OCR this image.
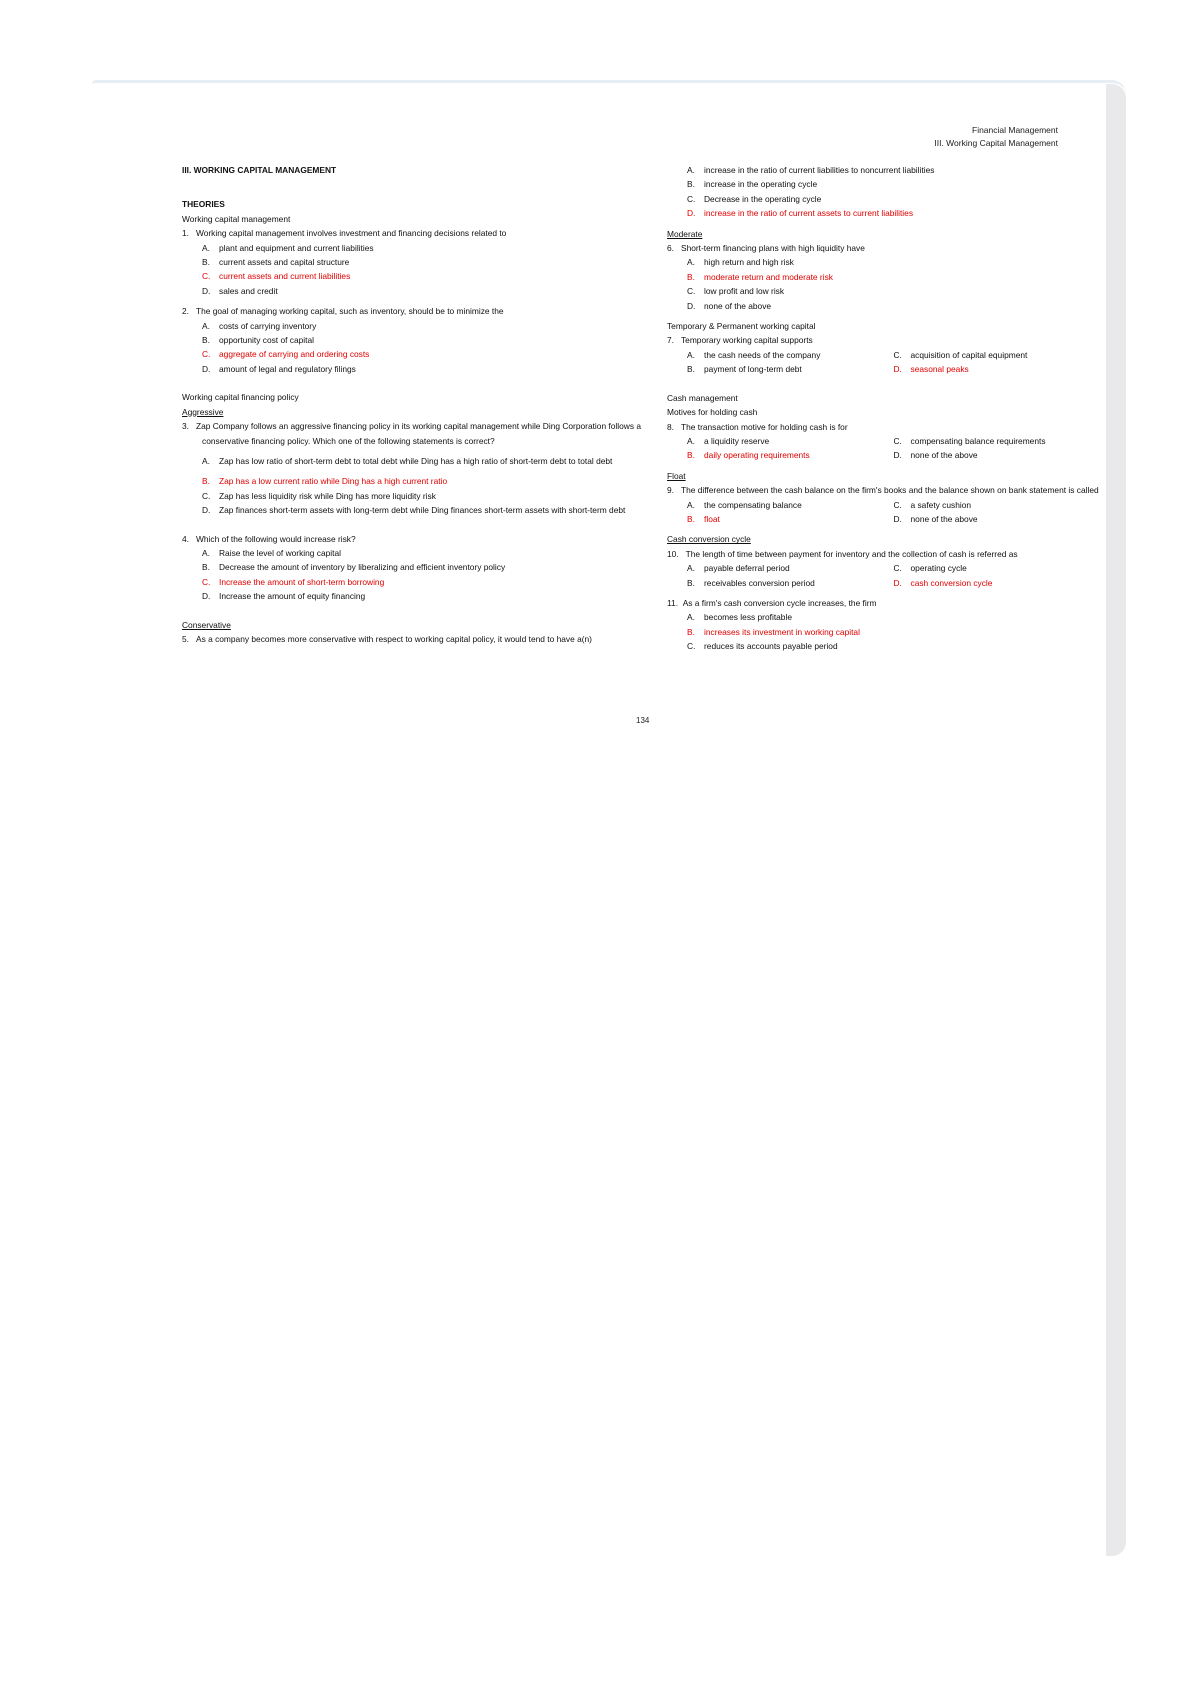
Financial Management
III. Working Capital Management
III. WORKING CAPITAL MANAGEMENT
THEORIES
Working capital management
1. Working capital management involves investment and financing decisions related to
A. plant and equipment and current liabilities
B. current assets and capital structure
C. current assets and current liabilities
D. sales and credit
2. The goal of managing working capital, such as inventory, should be to minimize the
A. costs of carrying inventory
B. opportunity cost of capital
C. aggregate of carrying and ordering costs
D. amount of legal and regulatory filings
Working capital financing policy
Aggressive
3. Zap Company follows an aggressive financing policy in its working capital management while Ding Corporation follows a conservative financing policy. Which one of the following statements is correct?
A. Zap has low ratio of short-term debt to total debt while Ding has a high ratio of short-term debt to total debt
B. Zap has a low current ratio while Ding has a high current ratio
C. Zap has less liquidity risk while Ding has more liquidity risk
D. Zap finances short-term assets with long-term debt while Ding finances short-term assets with short-term debt
4. Which of the following would increase risk?
A. Raise the level of working capital
B. Decrease the amount of inventory by liberalizing and efficient inventory policy
C. Increase the amount of short-term borrowing
D. Increase the amount of equity financing
Conservative
5. As a company becomes more conservative with respect to working capital policy, it would tend to have a(n)
A. increase in the ratio of current liabilities to noncurrent liabilities
B. increase in the operating cycle
C. Decrease in the operating cycle
D. increase in the ratio of current assets to current liabilities
Moderate
6. Short-term financing plans with high liquidity have
A. high return and high risk
B. moderate return and moderate risk
C. low profit and low risk
D. none of the above
Temporary & Permanent working capital
7. Temporary working capital supports
A. the cash needs of the company	C. acquisition of capital equipment
B. payment of long-term debt	D. seasonal peaks
Cash management
Motives for holding cash
8. The transaction motive for holding cash is for
A. a liquidity reserve	C. compensating balance requirements
B. daily operating requirements	D. none of the above
Float
9. The difference between the cash balance on the firm's books and the balance shown on bank statement is called
A. the compensating balance	C. a safety cushion
B. float	D. none of the above
Cash conversion cycle
10. The length of time between payment for inventory and the collection of cash is referred as
A. payable deferral period	C. operating cycle
B. receivables conversion period	D. cash conversion cycle
11. As a firm's cash conversion cycle increases, the firm
A. becomes less profitable
B. increases its investment in working capital
C. reduces its accounts payable period
134
